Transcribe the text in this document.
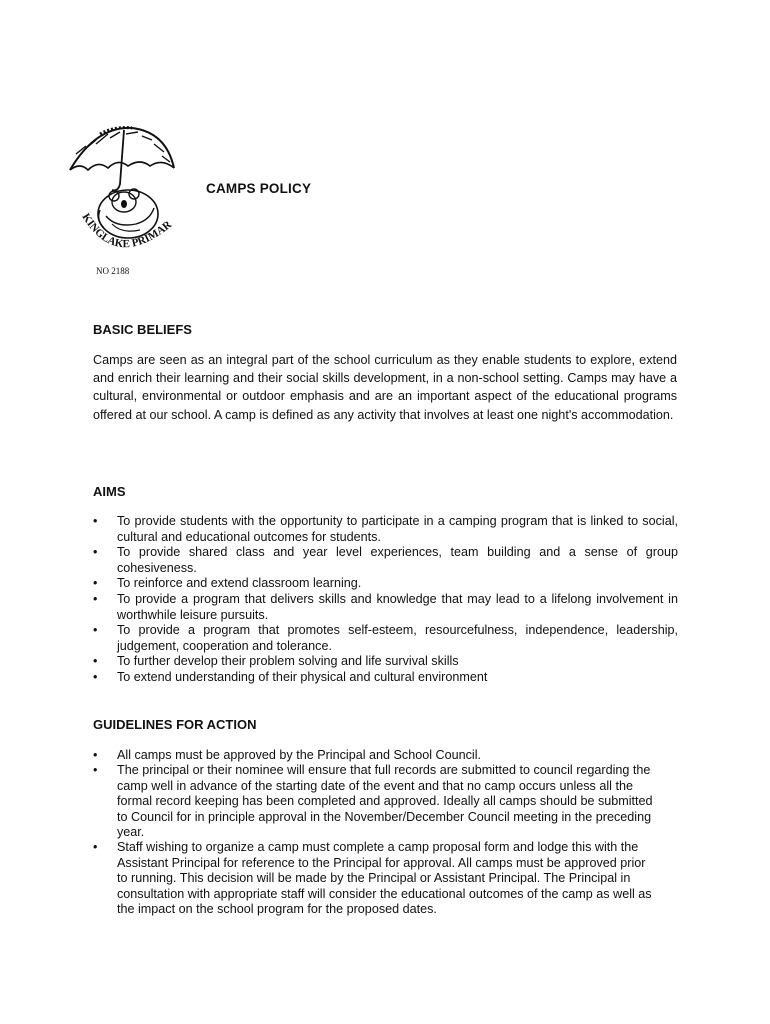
KINGLAKE PRIMAR
NO 2188
CAMPS POLICY
BASIC BELIEFS
Camps are seen as an integral part of the school curriculum as they enable students to explore, extend and enrich their learning and their social skills development, in a non-school setting. Camps may have a cultural, environmental or outdoor emphasis and are an important aspect of the educational programs offered at our school. A camp is defined as any activity that involves at least one night's accommodation.
AIMS
• To provide students with the opportunity to participate in a camping program that is linked to social, cultural and educational outcomes for students.
• To provide shared class and year level experiences, team building and a sense of group cohesiveness.
• To reinforce and extend classroom learning.
• To provide a program that delivers skills and knowledge that may lead to a lifelong involvement in worthwhile leisure pursuits.
• To provide a program that promotes self-esteem, resourcefulness, independence, leadership, judgement, cooperation and tolerance.
• To further develop their problem solving and life survival skills
• To extend understanding of their physical and cultural environment
GUIDELINES FOR ACTION
• All camps must be approved by the Principal and School Council.
• The principal or their nominee will ensure that full records are submitted to council regarding the camp well in advance of the starting date of the event and that no camp occurs unless all the formal record keeping has been completed and approved. Ideally all camps should be submitted to Council for in principle approval in the November/December Council meeting in the preceding year.
• Staff wishing to organize a camp must complete a camp proposal form and lodge this with the Assistant Principal for reference to the Principal for approval. All camps must be approved prior to running. This decision will be made by the Principal or Assistant Principal. The Principal in consultation with appropriate staff will consider the educational outcomes of the camp as well as the impact on the school program for the proposed dates.
